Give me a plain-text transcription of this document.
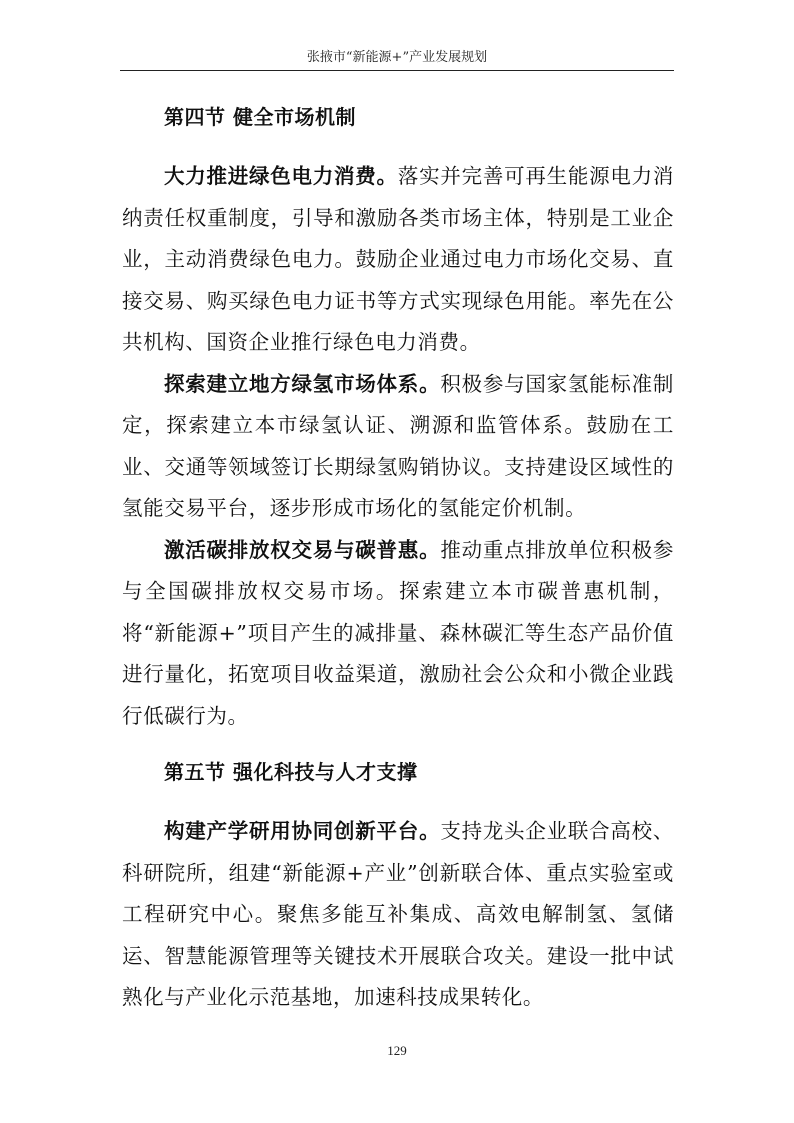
张掖市“新能源+”产业发展规划
第四节 健全市场机制

大力推进绿色电力消费。落实并完善可再生能源电力消纳责任权重制度，引导和激励各类市场主体，特别是工业企业，主动消费绿色电力。鼓励企业通过电力市场化交易、直接交易、购买绿色电力证书等方式实现绿色用能。率先在公共机构、国资企业推行绿色电力消费。

探索建立地方绿氢市场体系。积极参与国家氢能标准制定，探索建立本市绿氢认证、溯源和监管体系。鼓励在工业、交通等领域签订长期绿氢购销协议。支持建设区域性的氢能交易平台，逐步形成市场化的氢能定价机制。

激活碳排放权交易与碳普惠。推动重点排放单位积极参与全国碳排放权交易市场。探索建立本市碳普惠机制，将“新能源+”项目产生的减排量、森林碳汇等生态产品价值进行量化，拓宽项目收益渠道，激励社会公众和小微企业践行低碳行为。

第五节 强化科技与人才支撑

构建产学研用协同创新平台。支持龙头企业联合高校、科研院所，组建“新能源+产业”创新联合体、重点实验室或工程研究中心。聚焦多能互补集成、高效电解制氢、氢储运、智慧能源管理等关键技术开展联合攻关。建设一批中试熟化与产业化示范基地，加速科技成果转化。

129
